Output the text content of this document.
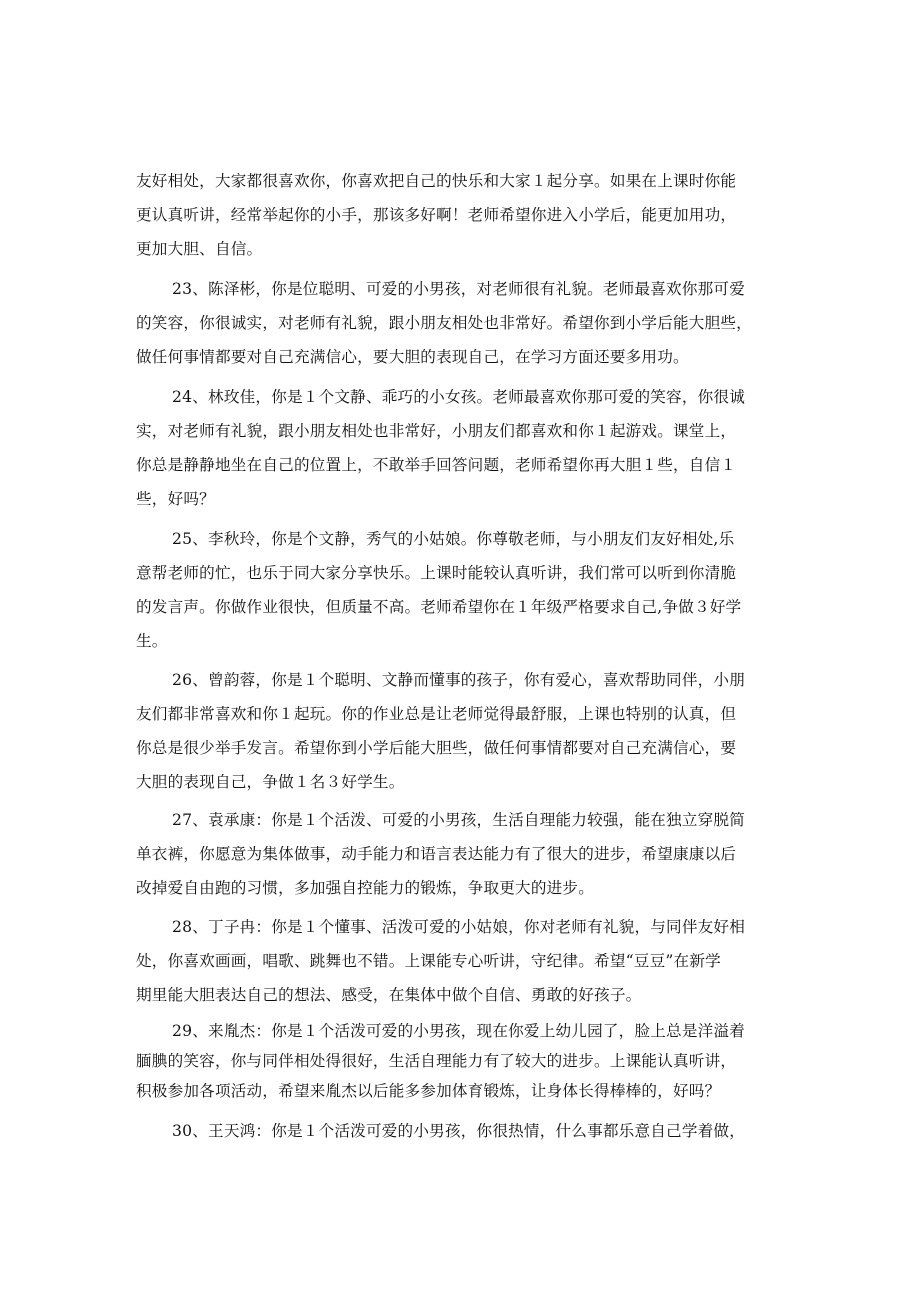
友好相处，大家都很喜欢你，你喜欢把自己的快乐和大家１起分享。如果在上课时你能
更认真听讲，经常举起你的小手，那该多好啊！老师希望你进入小学后，能更加用功，
更加大胆、自信。

23、陈泽彬，你是位聪明、可爱的小男孩，对老师很有礼貌。老师最喜欢你那可爱
的笑容，你很诚实，对老师有礼貌，跟小朋友相处也非常好。希望你到小学后能大胆些，
做任何事情都要对自己充满信心，要大胆的表现自己，在学习方面还要多用功。

24、林玫佳，你是１个文静、乖巧的小女孩。老师最喜欢你那可爱的笑容，你很诚
实，对老师有礼貌，跟小朋友相处也非常好，小朋友们都喜欢和你１起游戏。课堂上，
你总是静静地坐在自己的位置上，不敢举手回答问题，老师希望你再大胆１些，自信１
些，好吗？

25、李秋玲，你是个文静，秀气的小姑娘。你尊敬老师，与小朋友们友好相处,乐
意帮老师的忙，也乐于同大家分享快乐。上课时能较认真听讲，我们常可以听到你清脆
的发言声。你做作业很快，但质量不高。老师希望你在１年级严格要求自己,争做３好学
生。

26、曾韵蓉，你是１个聪明、文静而懂事的孩子，你有爱心，喜欢帮助同伴，小朋
友们都非常喜欢和你１起玩。你的作业总是让老师觉得最舒服，上课也特别的认真，但
你总是很少举手发言。希望你到小学后能大胆些，做任何事情都要对自己充满信心，要
大胆的表现自己，争做１名３好学生。

27、袁承康：你是１个活泼、可爱的小男孩，生活自理能力较强，能在独立穿脱简
单衣裤，你愿意为集体做事，动手能力和语言表达能力有了很大的进步，希望康康以后
改掉爱自由跑的习惯，多加强自控能力的锻炼，争取更大的进步。

28、丁子冉：你是１个懂事、活泼可爱的小姑娘，你对老师有礼貌，与同伴友好相
处，你喜欢画画，唱歌、跳舞也不错。上课能专心听讲，守纪律。希望“豆豆”在新学
期里能大胆表达自己的想法、感受，在集体中做个自信、勇敢的好孩子。

29、来胤杰：你是１个活泼可爱的小男孩，现在你爱上幼儿园了，脸上总是洋溢着
腼腆的笑容，你与同伴相处得很好，生活自理能力有了较大的进步。上课能认真听讲，
积极参加各项活动，希望来胤杰以后能多参加体育锻炼，让身体长得棒棒的，好吗？

30、王天鸿：你是１个活泼可爱的小男孩，你很热情，什么事都乐意自己学着做，
